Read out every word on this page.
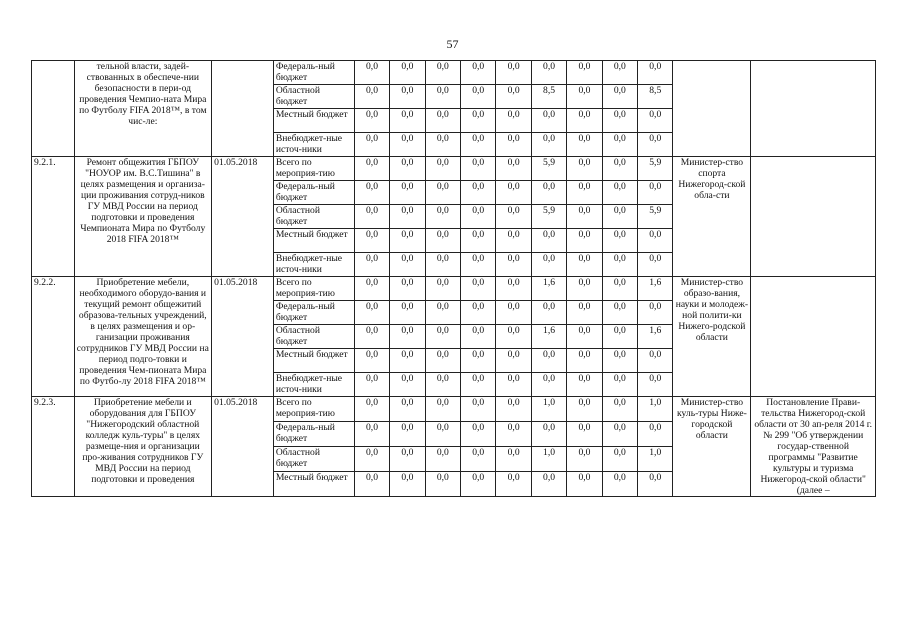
57
	тельной власти, задей-ствованных в обеспече-нии безопасности в пери-од проведения Чемпио-ната Мира по Футболу FIFA 2018™, в том чис-ле:		Федераль-ный бюджет	0,0	0,0	0,0	0,0	0,0	0,0	0,0	0,0	0,0		
			Областной бюджет	0,0	0,0	0,0	0,0	0,0	8,5	0,0	0,0	8,5		
			Местный бюджет	0,0	0,0	0,0	0,0	0,0	0,0	0,0	0,0	0,0		
			Внебюджет-ные источ-ники	0,0	0,0	0,0	0,0	0,0	0,0	0,0	0,0	0,0		
9.2.1.	Ремонт общежития ГБПОУ "НОУОР им. В.С.Тишина" в целях размещения и организа-ции проживания сотруд-ников ГУ МВД России на период подготовки и проведения Чемпионата Мира по Футболу 2018 FIFA 2018™	01.05.2018	Всего по мероприя-тию	0,0	0,0	0,0	0,0	0,0	5,9	0,0	0,0	5,9	Министер-ство спорта Нижегород-ской обла-сти	
			Федераль-ный бюджет	0,0	0,0	0,0	0,0	0,0	0,0	0,0	0,0	0,0		
			Областной бюджет	0,0	0,0	0,0	0,0	0,0	5,9	0,0	0,0	5,9		
			Местный бюджет	0,0	0,0	0,0	0,0	0,0	0,0	0,0	0,0	0,0		
			Внебюджет-ные источ-ники	0,0	0,0	0,0	0,0	0,0	0,0	0,0	0,0	0,0		
9.2.2.	Приобретение мебели, необходимого оборудо-вания и текущий ремонт общежитий образова-тельных учреждений, в целях размещения и ор-ганизации проживания сотрудников ГУ МВД России на период подго-товки и проведения Чем-пионата Мира по Футбо-лу 2018 FIFA 2018™	01.05.2018	Всего по мероприя-тию	0,0	0,0	0,0	0,0	0,0	1,6	0,0	0,0	1,6	Министер-ство образо-вания, науки и молодеж-ной полити-ки Нижего-родской области	
			Федераль-ный бюджет	0,0	0,0	0,0	0,0	0,0	0,0	0,0	0,0	0,0		
			Областной бюджет	0,0	0,0	0,0	0,0	0,0	1,6	0,0	0,0	1,6		
			Местный бюджет	0,0	0,0	0,0	0,0	0,0	0,0	0,0	0,0	0,0		
			Внебюджет-ные источ-ники	0,0	0,0	0,0	0,0	0,0	0,0	0,0	0,0	0,0		
9.2.3.	Приобретение мебели и оборудования для ГБПОУ "Нижегородский областной колледж куль-туры" в целях размеще-ния и организации про-живания сотрудников ГУ МВД России на период подготовки и проведения	01.05.2018	Всего по мероприя-тию	0,0	0,0	0,0	0,0	0,0	1,0	0,0	0,0	1,0	Министер-ство куль-туры Ниже-городской области	Постановление Прави-тельства Нижегород-ской области от 30 ап-реля 2014 г. № 299 "Об утверждении государ-ственной программы "Развитие культуры и туризма Нижегород-ской области" (далее –
			Федераль-ный бюджет	0,0	0,0	0,0	0,0	0,0	0,0	0,0	0,0	0,0		
			Областной бюджет	0,0	0,0	0,0	0,0	0,0	1,0	0,0	0,0	1,0		
			Местный бюджет	0,0	0,0	0,0	0,0	0,0	0,0	0,0	0,0	0,0		
